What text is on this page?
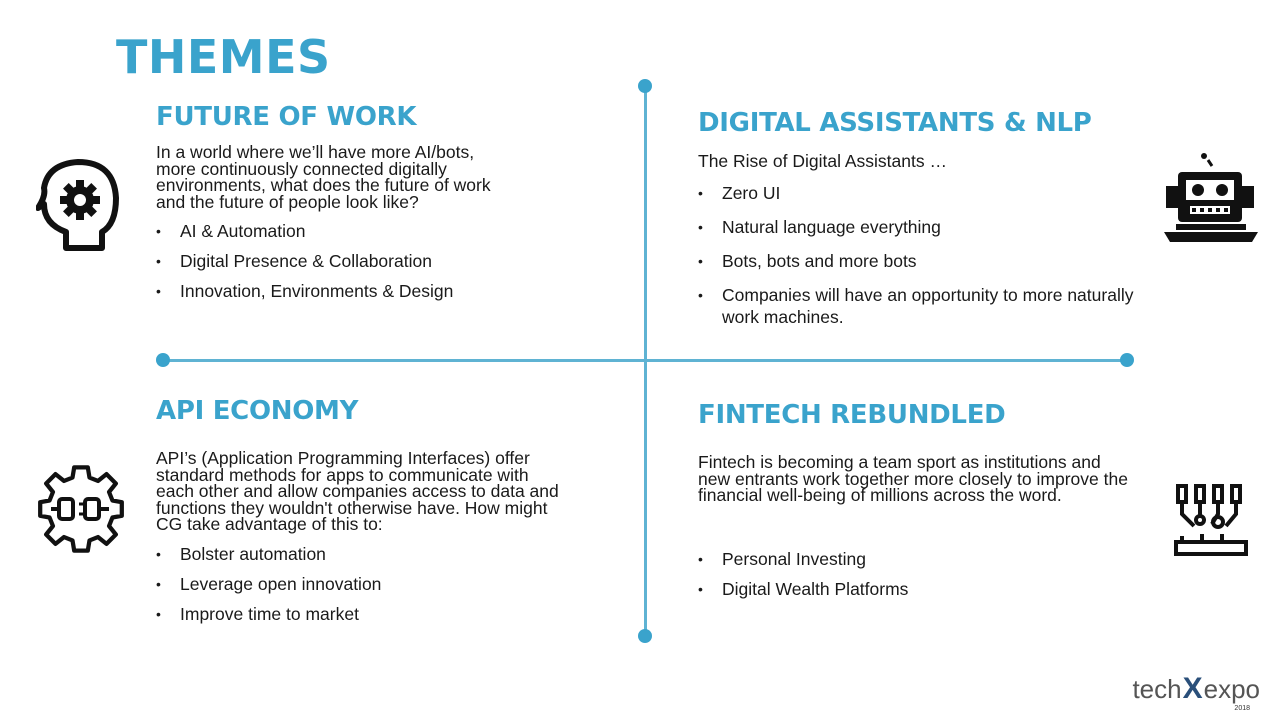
THEMES
FUTURE OF WORK
In a world where we’ll have more AI/bots, more continuously connected digitally environments, what does the future of work and the future of people look like?
• AI & Automation
• Digital Presence & Collaboration
• Innovation, Environments & Design
DIGITAL ASSISTANTS & NLP
The Rise of Digital Assistants …
• Zero UI
• Natural language everything
• Bots, bots and more bots
• Companies will have an opportunity to more naturally work machines.
API ECONOMY
API’s (Application Programming Interfaces) offer standard methods for apps to communicate with each other and allow companies access to data and functions they wouldn't otherwise have. How might CG take advantage of this to:
• Bolster automation
• Leverage open innovation
• Improve time to market
FINTECH REBUNDLED
Fintech is becoming a team sport as institutions and new entrants work together more closely to improve the financial well-being of millions across the word.
• Personal Investing
• Digital Wealth Platforms
techXexpo
2018
